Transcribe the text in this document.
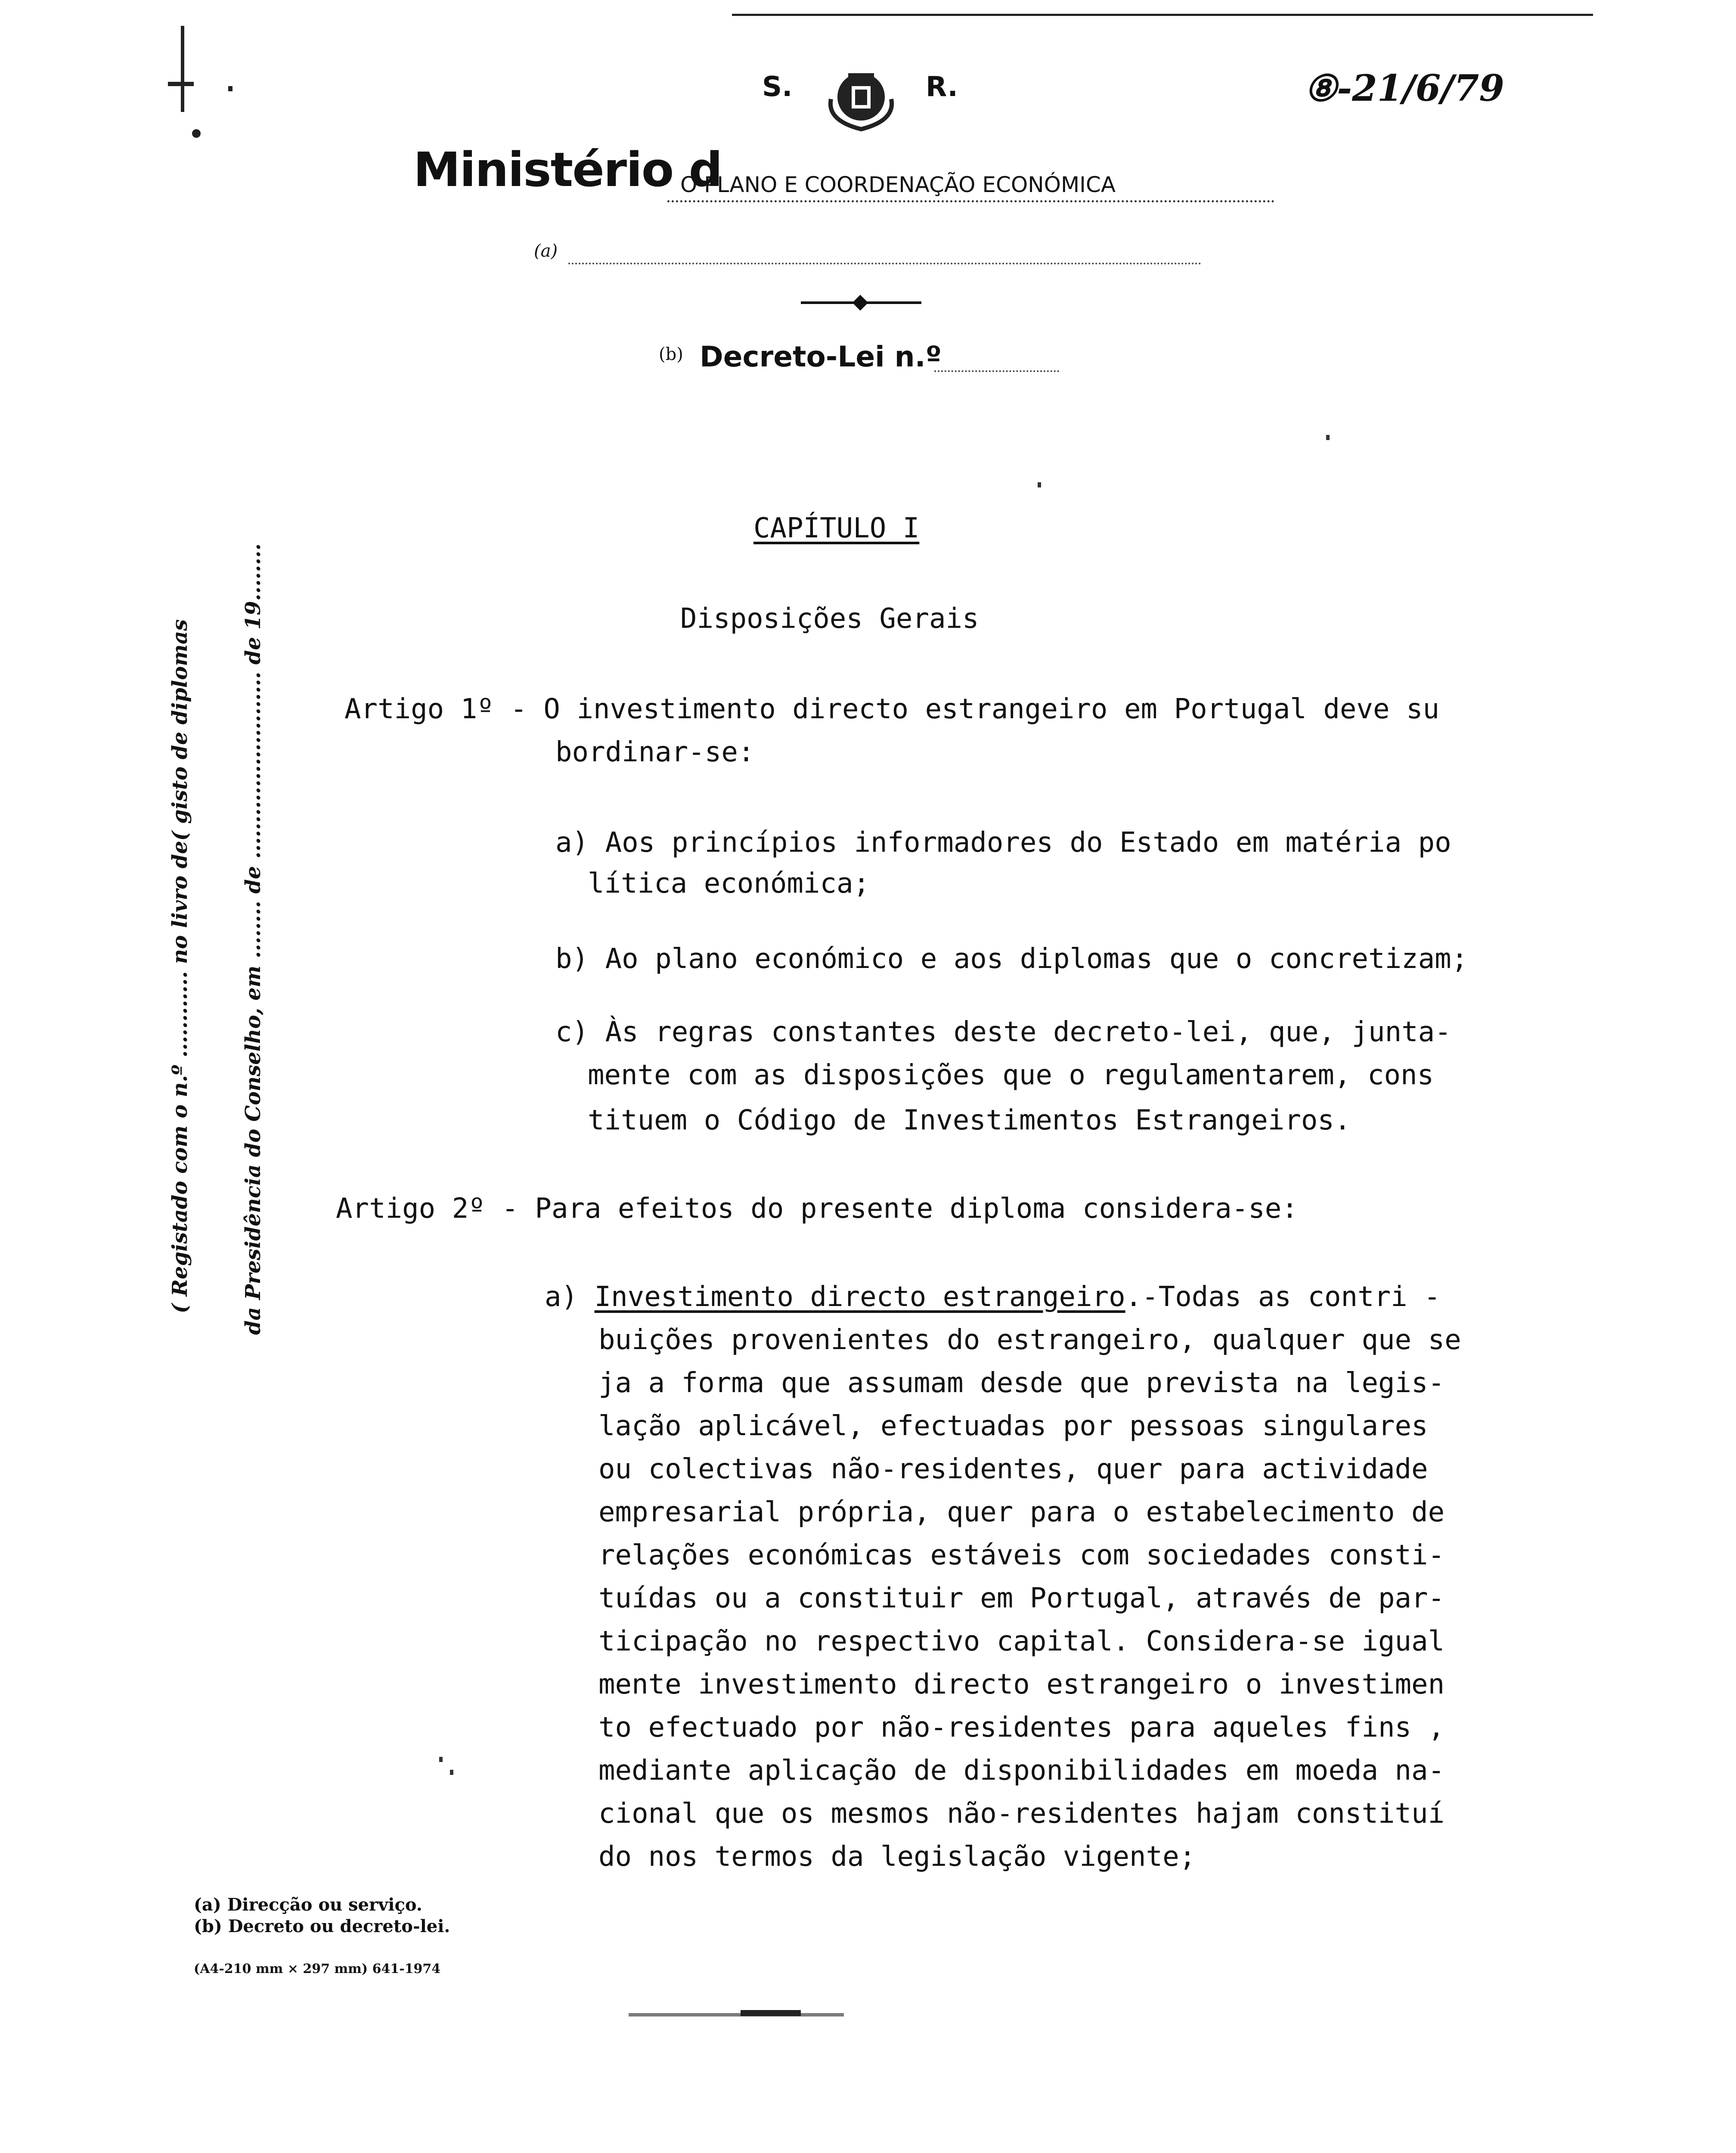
S.	R.	⑧-21/6/79
Ministério d
O PLANO E COORDENAÇÃO ECONÓMICA
(a)
(b) Decreto-Lei n.º
( Registado com o n.º ............ no livro de( gisto de diplomas da Presidência do Conselho, em ........ de .......................... de 19........
CAPÍTULO I
Disposições Gerais
Artigo 1º - O investimento directo estrangeiro em Portugal deve su
bordinar-se:
a) Aos princípios informadores do Estado em matéria po
lítica económica;
b) Ao plano económico e aos diplomas que o concretizam;
c) Às regras constantes deste decreto-lei, que, junta-
mente com as disposições que o regulamentarem, cons
tituem o Código de Investimentos Estrangeiros.
Artigo 2º - Para efeitos do presente diploma considera-se:
a) Investimento directo estrangeiro.-Todas as contri -
buições provenientes do estrangeiro, qualquer que se
ja a forma que assumam desde que prevista na legis-
lação aplicável, efectuadas por pessoas singulares
ou colectivas não-residentes, quer para actividade
empresarial própria, quer para o estabelecimento de
relações económicas estáveis com sociedades consti-
tuídas ou a constituir em Portugal, através de par-
ticipação no respectivo capital. Considera-se igual
mente investimento directo estrangeiro o investimen
to efectuado por não-residentes para aqueles fins ,
mediante aplicação de disponibilidades em moeda na-
cional que os mesmos não-residentes hajam constituí
do nos termos da legislação vigente;
(a) Direcção ou serviço.
(b) Decreto ou decreto-lei.
(A4-210 mm × 297 mm) 641-1974
